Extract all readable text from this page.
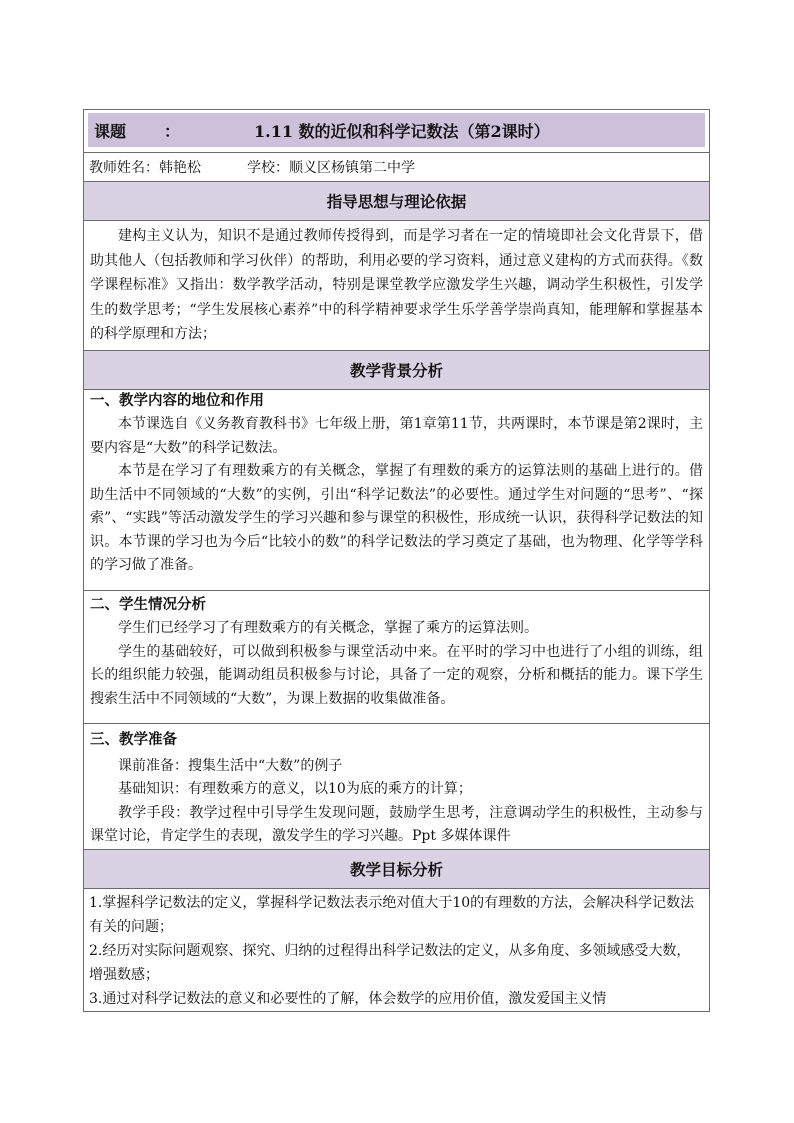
课题	：	1.11 数的近似和科学记数法（第2课时）

教师姓名：韩艳松	学校：顺义区杨镇第二中学

指导思想与理论依据

建构主义认为，知识不是通过教师传授得到，而是学习者在一定的情境即社会文化背景下，借助其他人（包括教师和学习伙伴）的帮助，利用必要的学习资料，通过意义建构的方式而获得。《数学课程标准》又指出：数学教学活动，特别是课堂教学应激发学生兴趣，调动学生积极性，引发学生的数学思考；“学生发展核心素养”中的科学精神要求学生乐学善学崇尚真知，能理解和掌握基本的科学原理和方法；

教学背景分析

一、教学内容的地位和作用

本节课选自《义务教育教科书》七年级上册，第1章第11节，共两课时，本节课是第2课时，主要内容是“大数”的科学记数法。

本节是在学习了有理数乘方的有关概念，掌握了有理数的乘方的运算法则的基础上进行的。借助生活中不同领域的“大数”的实例，引出“科学记数法”的必要性。通过学生对问题的“思考”、“探索”、“实践”等活动激发学生的学习兴趣和参与课堂的积极性，形成统一认识，获得科学记数法的知识。本节课的学习也为今后“比较小的数”的科学记数法的学习奠定了基础，也为物理、化学等学科的学习做了准备。

二、学生情况分析

学生们已经学习了有理数乘方的有关概念，掌握了乘方的运算法则。

学生的基础较好，可以做到积极参与课堂活动中来。在平时的学习中也进行了小组的训练，组长的组织能力较强，能调动组员积极参与讨论，具备了一定的观察，分析和概括的能力。课下学生搜索生活中不同领域的“大数”，为课上数据的收集做准备。

三、教学准备

课前准备：搜集生活中“大数”的例子

基础知识：有理数乘方的意义，以10为底的乘方的计算；

教学手段：教学过程中引导学生发现问题，鼓励学生思考，注意调动学生的积极性，主动参与课堂讨论，肯定学生的表现，激发学生的学习兴趣。Ppt 多媒体课件

教学目标分析

1.掌握科学记数法的定义，掌握科学记数法表示绝对值大于10的有理数的方法，会解决科学记数法有关的问题；

2.经历对实际问题观察、探究、归纳的过程得出科学记数法的定义，从多角度、多领域感受大数，增强数感；

3.通过对科学记数法的意义和必要性的了解，体会数学的应用价值，激发爱国主义情
